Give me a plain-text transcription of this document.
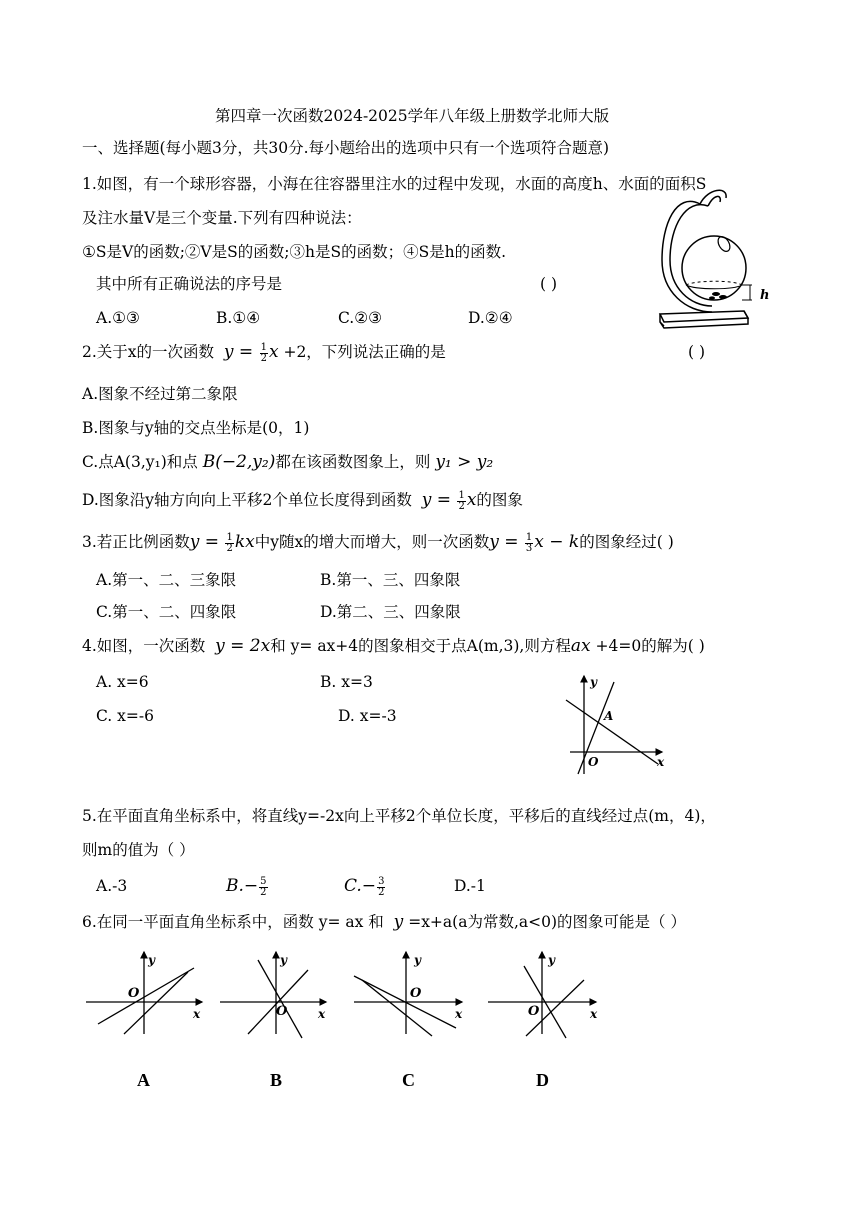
第四章一次函数2024-2025学年八年级上册数学北师大版
一、选择题(每小题3分，共30分.每小题给出的选项中只有一个选项符合题意)
1.如图，有一个球形容器，小海在往容器里注水的过程中发现，水面的高度h、水面的面积S
及注水量V是三个变量.下列有四种说法：
①S是V的函数;②V是S的函数;③h是S的函数；④S是h的函数.
其中所有正确说法的序号是	( )
A.①③	B.①④	C.②③	D.②④
h
2.关于x的一次函数 $y = \frac{1}{2}$ x +2，下列说法正确的是	( )
A.图象不经过第二象限
B.图象与y轴的交点坐标是(0，1)
C.点A(3,y₁)和点 B(−2,y₂)都在该函数图象上，则 y₁ > y₂
D.图象沿y轴方向向上平移2个单位长度得到函数 $y = \frac{1}{2}$ x的图象
3.若正比例函数$y = \frac{1}{2}$ kx中y随x的增大而增大，则一次函数$y = \frac{1}{3}$ x − k的图象经过( )
A.第一、二、三象限	B.第一、三、四象限
C.第一、二、四象限	D.第二、三、四象限
4.如图，一次函数 y = 2x和 y= ax+4的图象相交于点A(m,3),则方程ax +4=0的解为( )
A. x=6	B. x=3
C. x=-6	D. x=-3
y
x
O
A
5.在平面直角坐标系中，将直线y=-2x向上平移2个单位长度，平移后的直线经过点(m，4)，
则m的值为（ ）
A.-3	$B.- \frac{5}{2}$	$C.- \frac{3}{2}$	D.-1
6.在同一平面直角坐标系中，函数 y= ax 和 y =x+a(a为常数,a<0)的图象可能是（ ）
y
x
O
A
y
x
O
B
y
x
O
C
y
x
O
D
